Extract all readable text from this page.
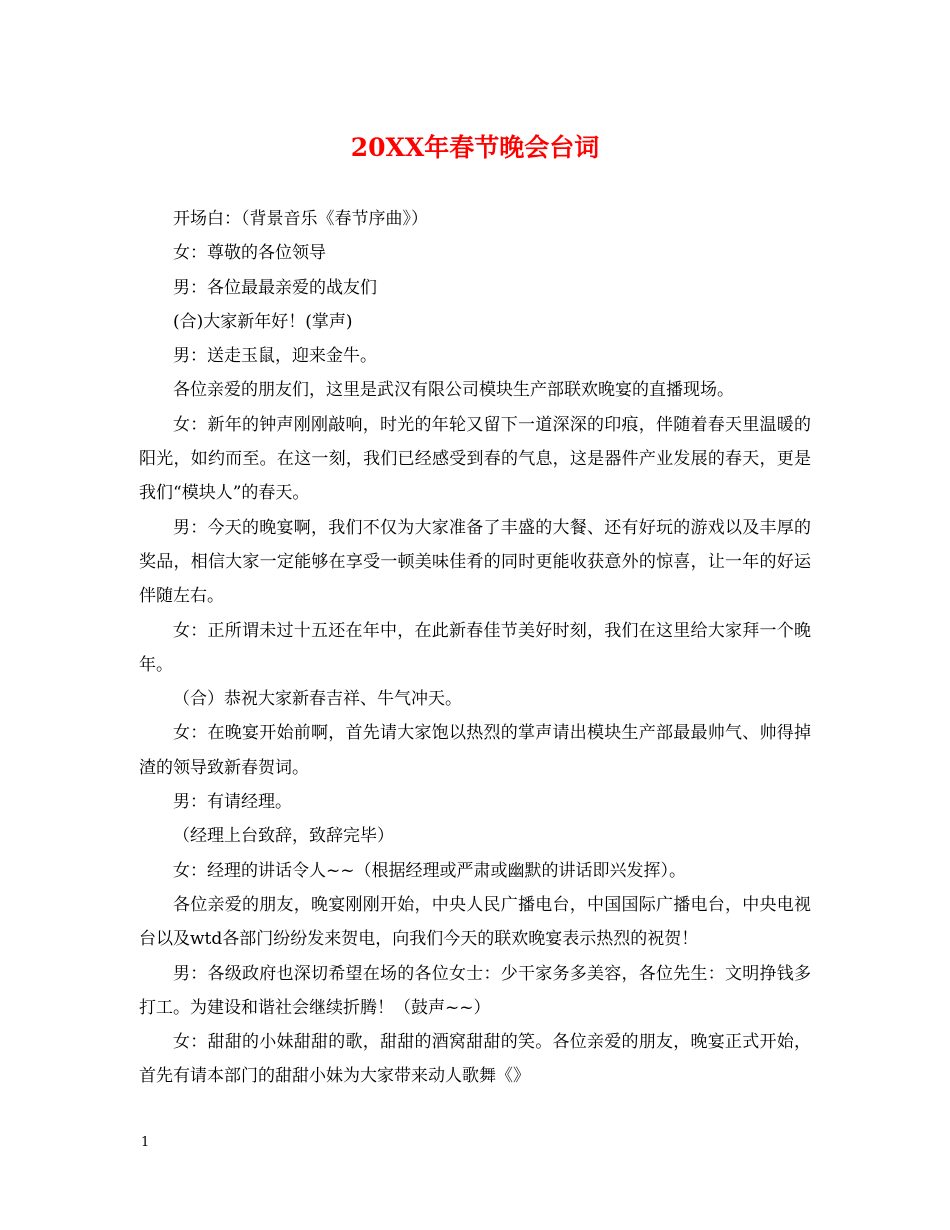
20XX年春节晚会台词

开场白：（背景音乐《春节序曲》）

女：尊敬的各位领导

男：各位最最亲爱的战友们

(合)大家新年好！(掌声)

男：送走玉鼠，迎来金牛。

各位亲爱的朋友们，这里是武汉有限公司模块生产部联欢晚宴的直播现场。

女：新年的钟声刚刚敲响，时光的年轮又留下一道深深的印痕，伴随着春天里温暖的阳光，如约而至。在这一刻，我们已经感受到春的气息，这是器件产业发展的春天，更是我们“模块人”的春天。

男：今天的晚宴啊，我们不仅为大家准备了丰盛的大餐、还有好玩的游戏以及丰厚的奖品，相信大家一定能够在享受一顿美味佳肴的同时更能收获意外的惊喜，让一年的好运伴随左右。

女：正所谓未过十五还在年中，在此新春佳节美好时刻，我们在这里给大家拜一个晚年。

（合）恭祝大家新春吉祥、牛气冲天。

女：在晚宴开始前啊，首先请大家饱以热烈的掌声请出模块生产部最最帅气、帅得掉渣的领导致新春贺词。

男：有请经理。

（经理上台致辞，致辞完毕）

女：经理的讲话令人~~（根据经理或严肃或幽默的讲话即兴发挥）。

各位亲爱的朋友，晚宴刚刚开始，中央人民广播电台，中国国际广播电台，中央电视台以及wtd各部门纷纷发来贺电，向我们今天的联欢晚宴表示热烈的祝贺！

男：各级政府也深切希望在场的各位女士：少干家务多美容，各位先生：文明挣钱多打工。为建设和谐社会继续折腾！（鼓声~~）

女：甜甜的小妹甜甜的歌，甜甜的酒窝甜甜的笑。各位亲爱的朋友，晚宴正式开始，首先有请本部门的甜甜小妹为大家带来动人歌舞《》

1
